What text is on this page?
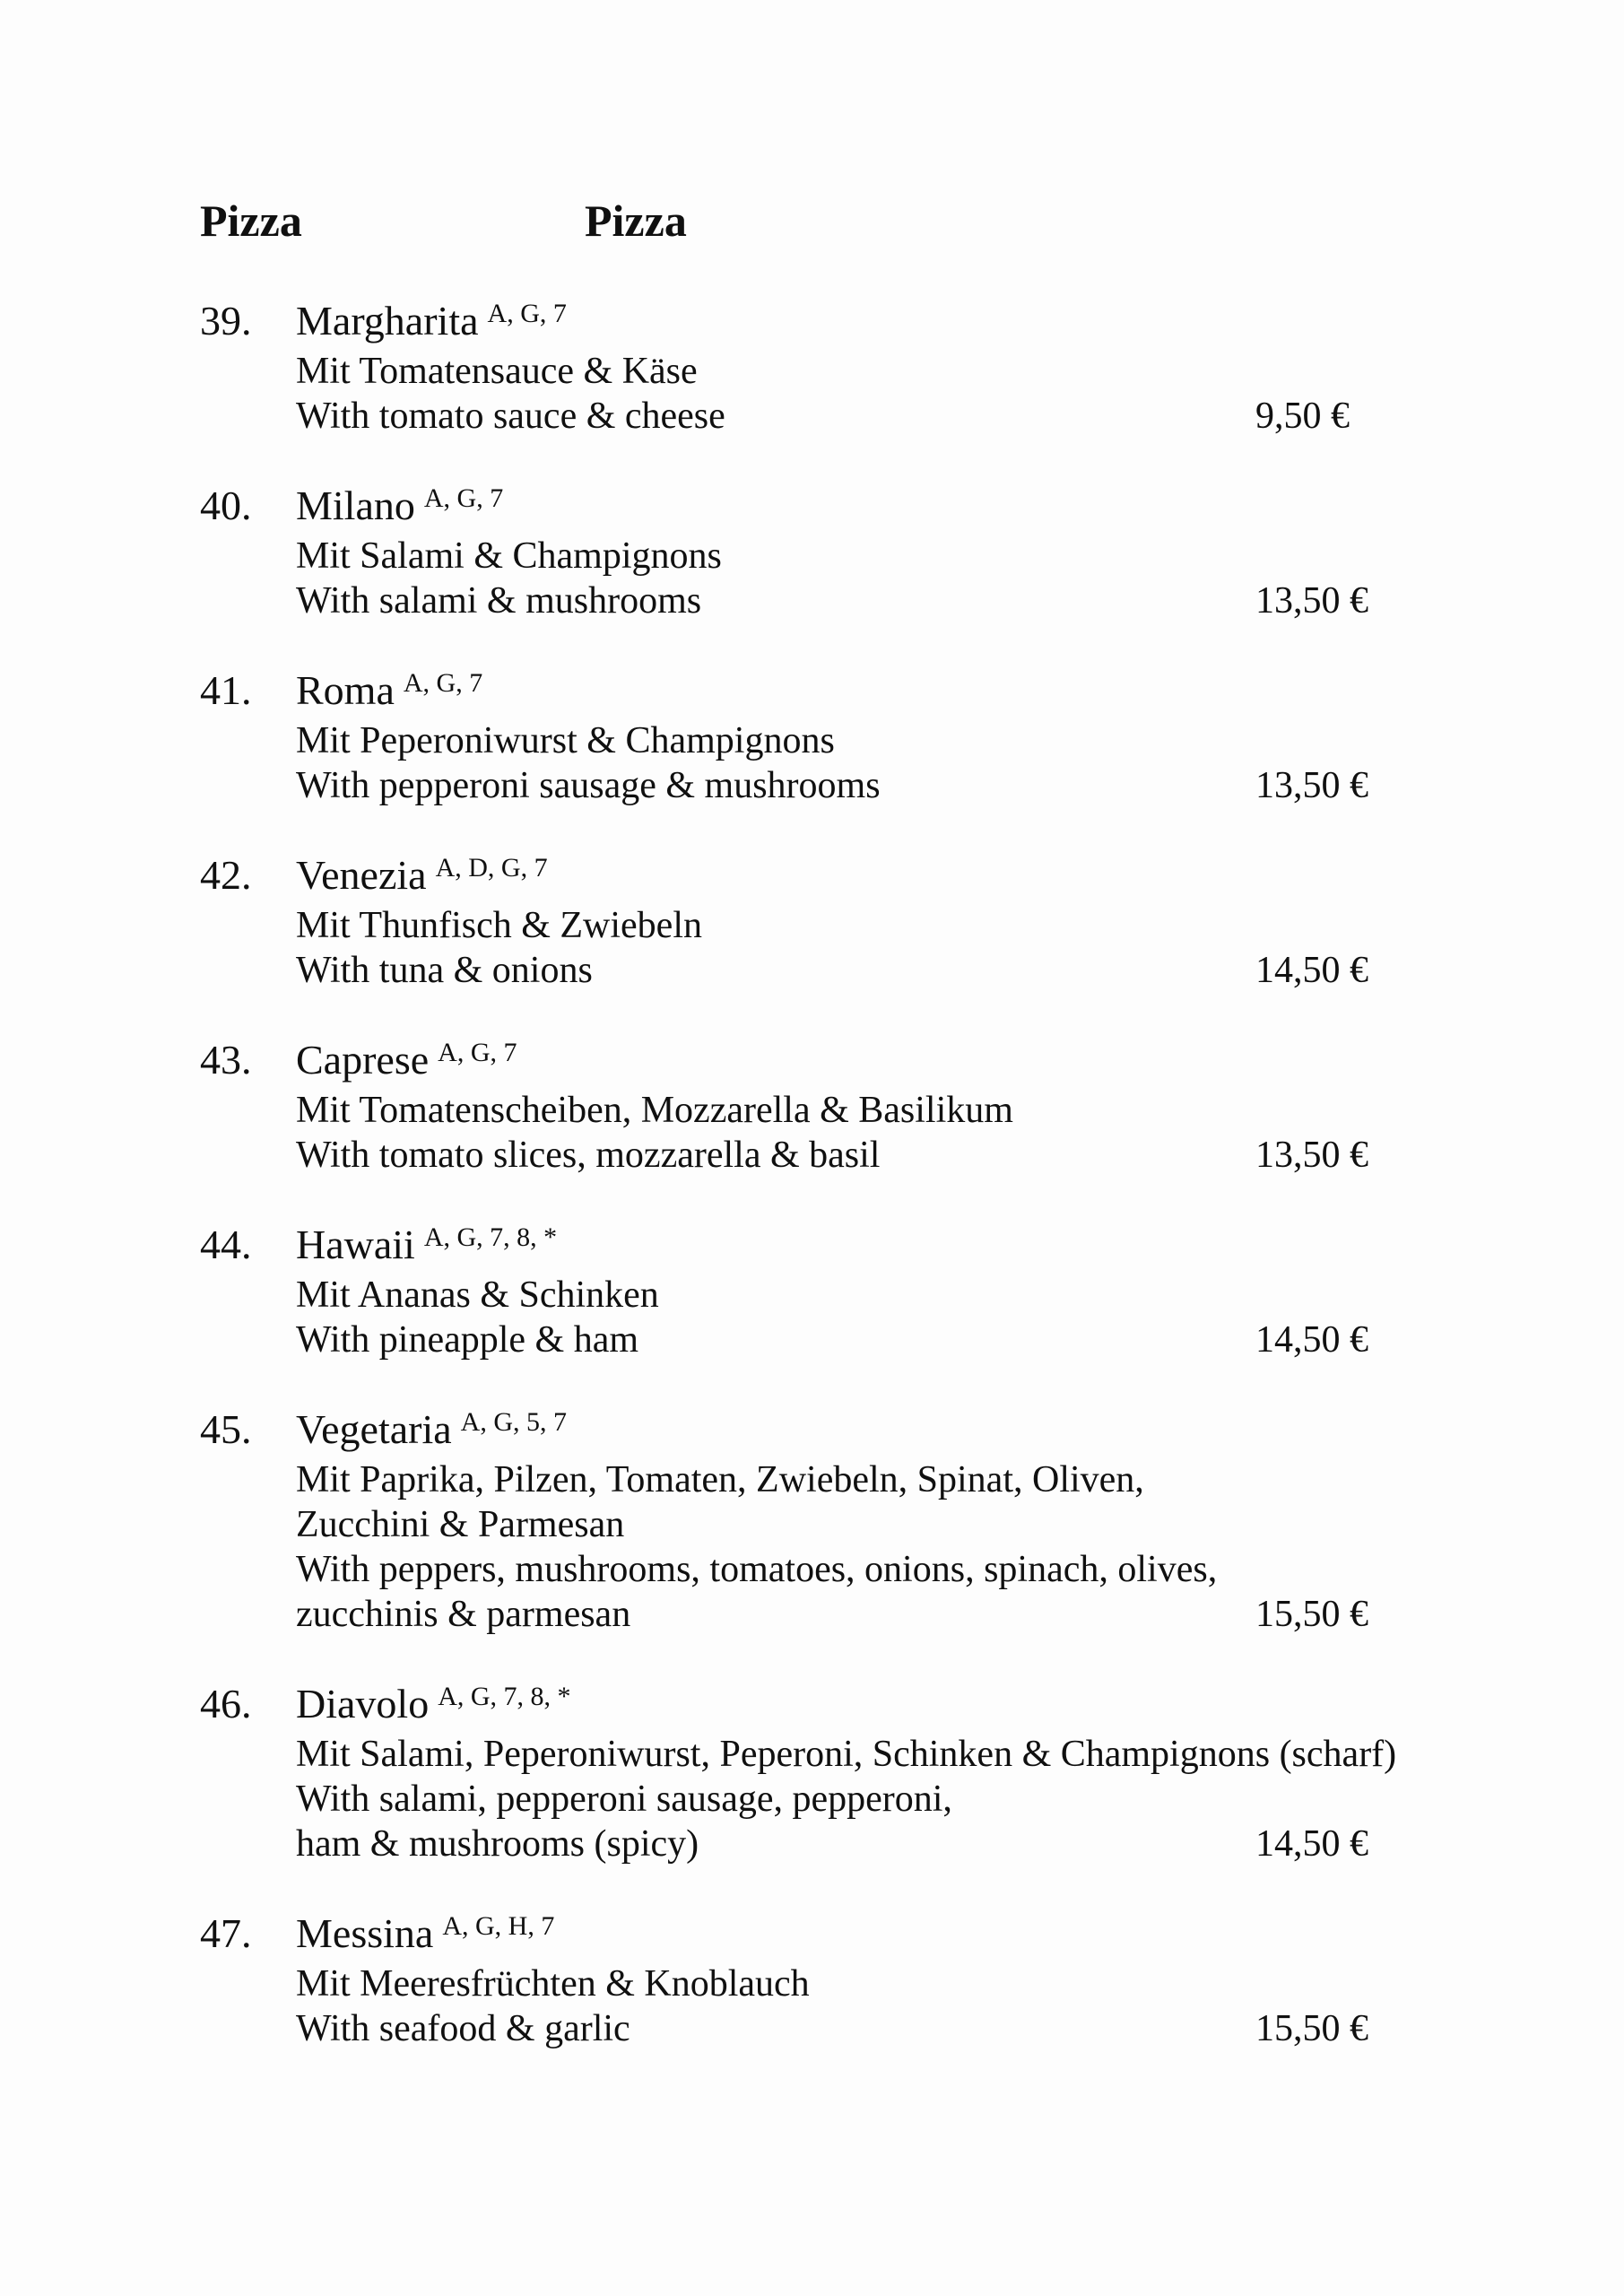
Pizza	Pizza
39.	Margharita $^{A, G, 7}$
Mit Tomatensauce & Käse
With tomato sauce & cheese	9,50 €
40.	Milano $^{A, G, 7}$
Mit Salami & Champignons
With salami & mushrooms	13,50 €
41.	Roma $^{A, G, 7}$
Mit Peperoniwurst & Champignons
With pepperoni sausage & mushrooms	13,50 €
42.	Venezia $^{A, D, G, 7}$
Mit Thunfisch & Zwiebeln
With tuna & onions	14,50 €
43.	Caprese $^{A, G, 7}$
Mit Tomatenscheiben, Mozzarella & Basilikum
With tomato slices, mozzarella & basil	13,50 €
44.	Hawaii $^{A, G, 7, 8, *}$
Mit Ananas & Schinken
With pineapple & ham	14,50 €
45.	Vegetaria $^{A, G, 5, 7}$
Mit Paprika, Pilzen, Tomaten, Zwiebeln, Spinat, Oliven,
Zucchini & Parmesan
With peppers, mushrooms, tomatoes, onions, spinach, olives,
zucchinis & parmesan	15,50 €
46.	Diavolo $^{A, G, 7, 8, *}$
Mit Salami, Peperoniwurst, Peperoni, Schinken & Champignons (scharf)
With salami, pepperoni sausage, pepperoni,
ham & mushrooms (spicy)	14,50 €
47.	Messina $^{A, G, H, 7}$
Mit Meeresfrüchten & Knoblauch
With seafood & garlic	15,50 €
